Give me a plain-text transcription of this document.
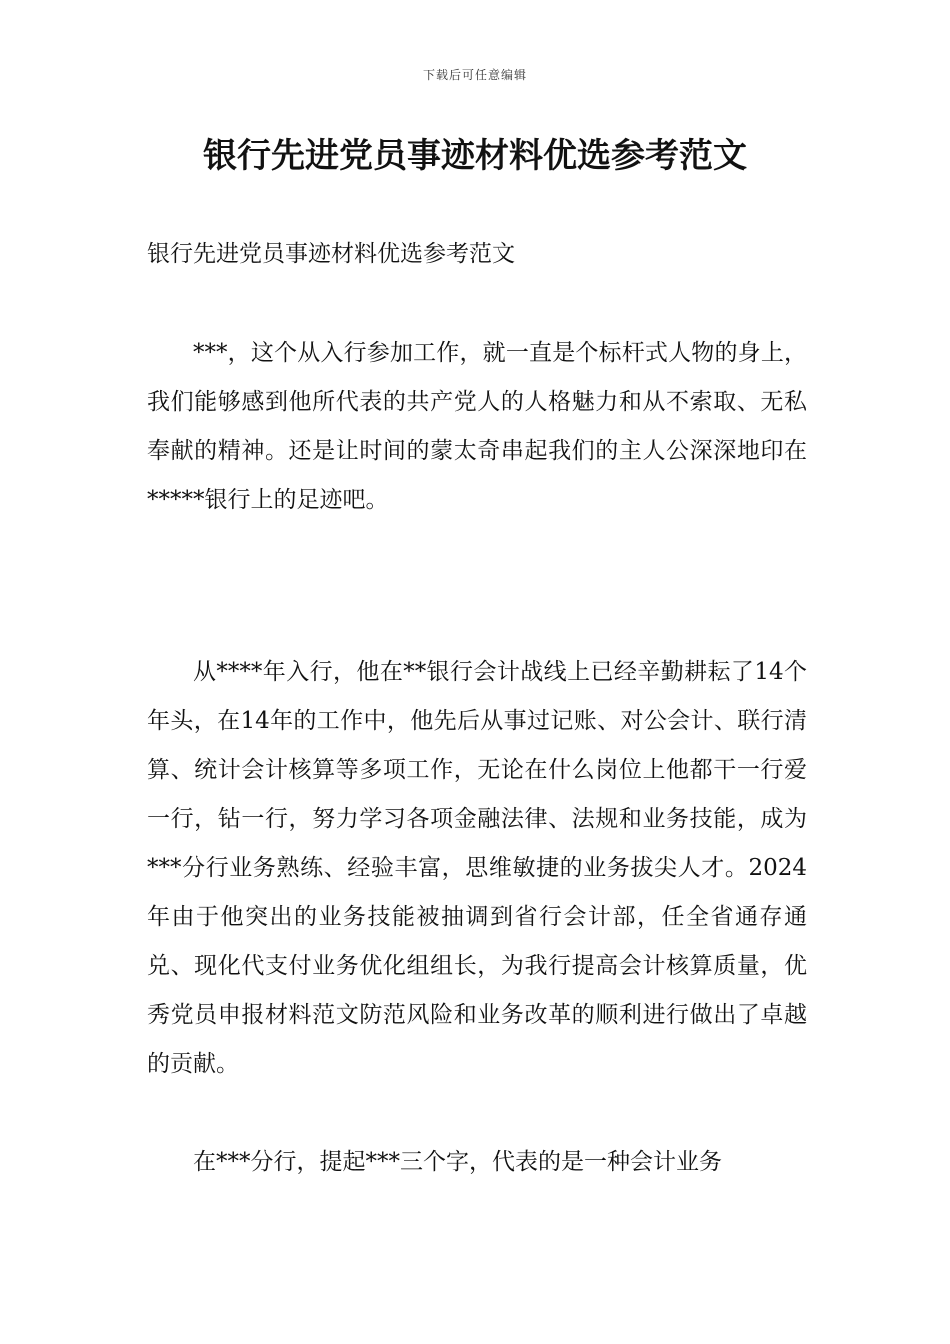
下载后可任意编辑
银行先进党员事迹材料优选参考范文

银行先进党员事迹材料优选参考范文

***，这个从入行参加工作，就一直是个标杆式人物的身上，我们能够感到他所代表的共产党人的人格魅力和从不索取、无私奉献的精神。还是让时间的蒙太奇串起我们的主人公深深地印在*****银行上的足迹吧。

从****年入行，他在**银行会计战线上已经辛勤耕耘了14个年头，在14年的工作中，他先后从事过记账、对公会计、联行清算、统计会计核算等多项工作，无论在什么岗位上他都干一行爱一行，钻一行，努力学习各项金融法律、法规和业务技能，成为***分行业务熟练、经验丰富，思维敏捷的业务拔尖人才。2024年由于他突出的业务技能被抽调到省行会计部，任全省通存通兑、现化代支付业务优化组组长，为我行提高会计核算质量，优秀党员申报材料范文防范风险和业务改革的顺利进行做出了卓越的贡献。

在***分行，提起***三个字，代表的是一种会计业务
